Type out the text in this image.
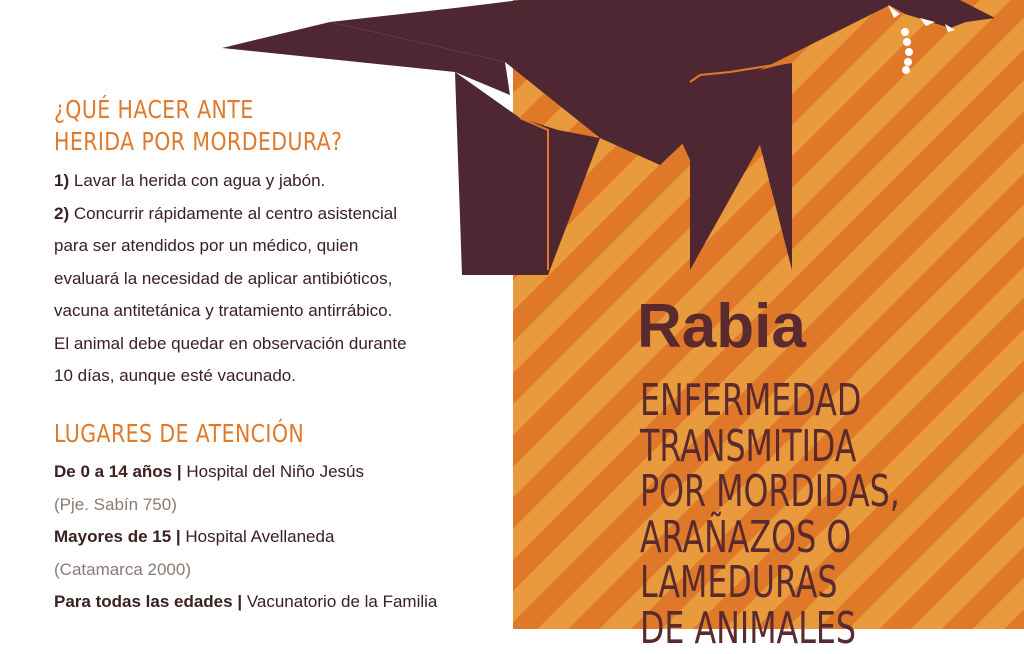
¿QUÉ HACER ANTE
HERIDA POR MORDEDURA?
1) Lavar la herida con agua y jabón.
2) Concurrir rápidamente al centro asistencial
para ser atendidos por un médico, quien
evaluará la necesidad de aplicar antibióticos,
vacuna antitetánica y tratamiento antirrábico.
El animal debe quedar en observación durante
10 días, aunque esté vacunado.
LUGARES DE ATENCIÓN
De 0 a 14 años | Hospital del Niño Jesús
(Pje. Sabín 750)
Mayores de 15 | Hospital Avellaneda
(Catamarca 2000)
Para todas las edades | Vacunatorio de la Familia
Rabia
ENFERMEDAD
TRANSMITIDA
POR MORDIDAS,
ARAÑAZOS O
LAMEDURAS
DE ANIMALES
